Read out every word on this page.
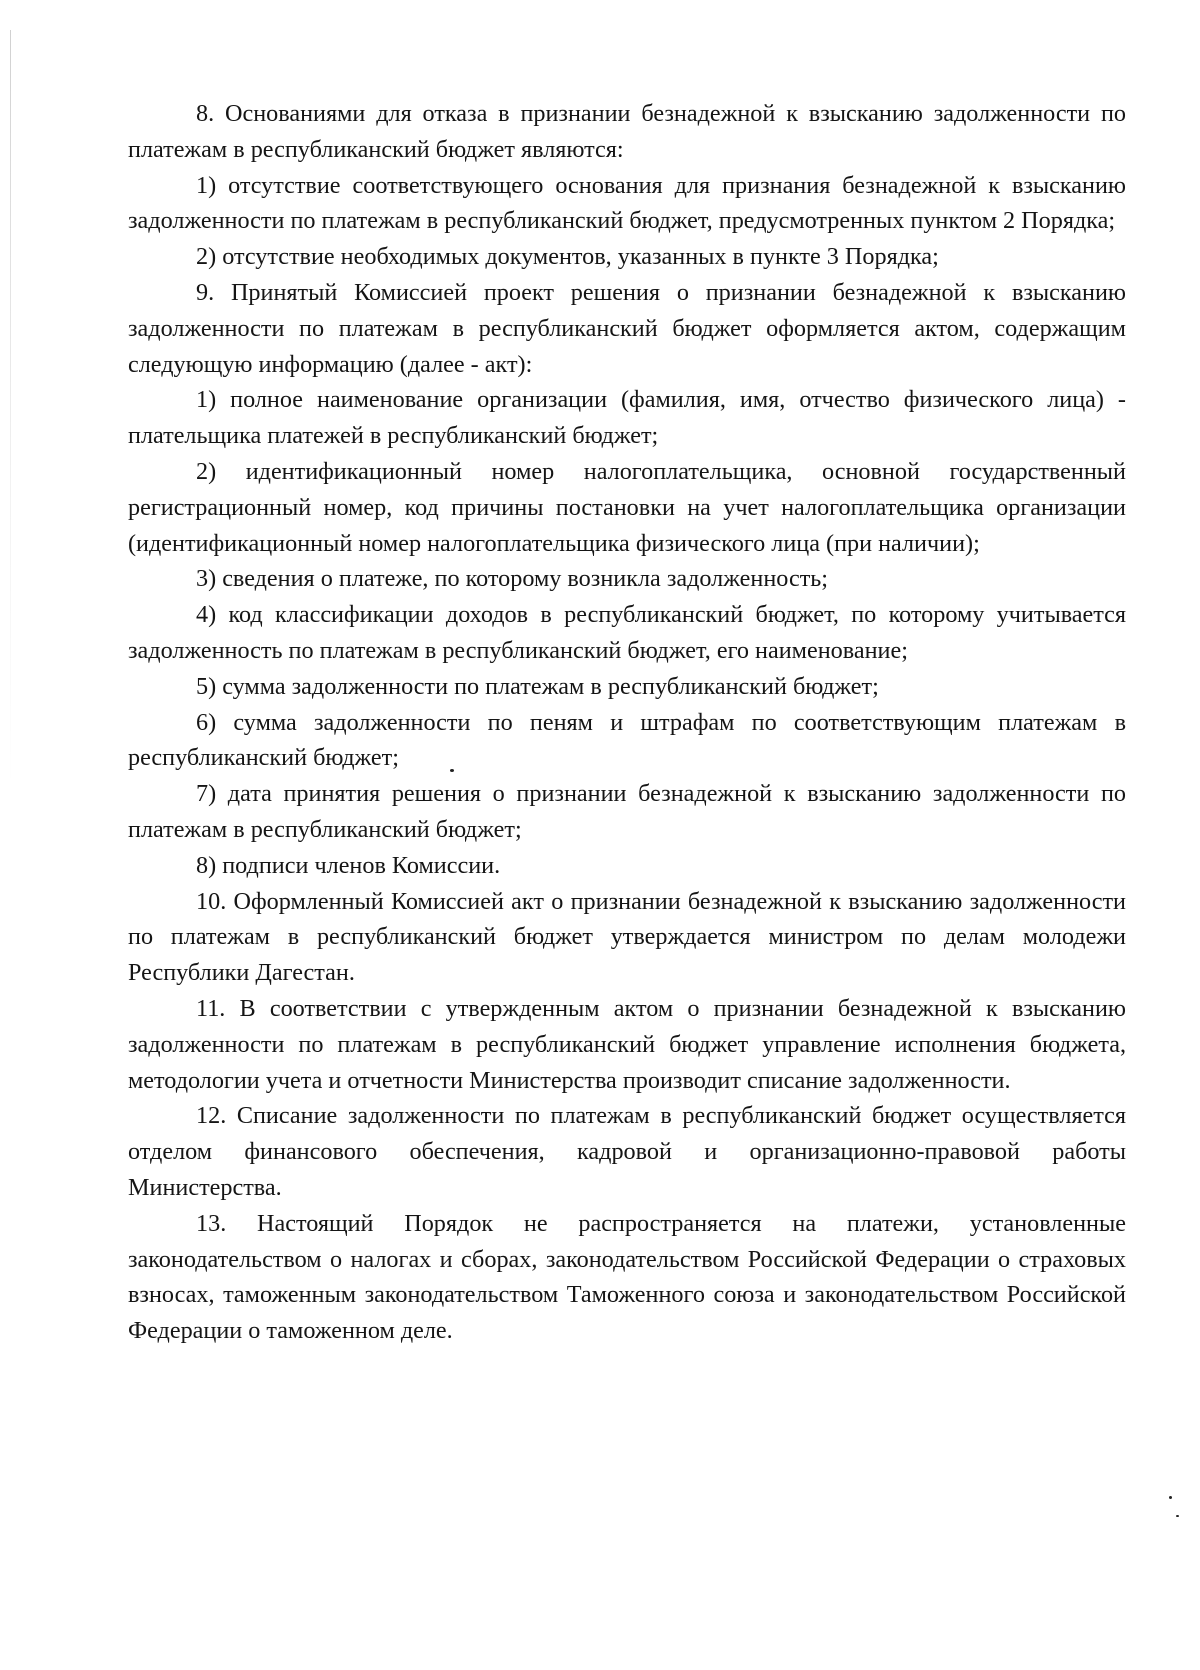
8. Основаниями для отказа в признании безнадежной к взысканию задолженности по платежам в республиканский бюджет являются:

1) отсутствие соответствующего основания для признания безнадежной к взысканию задолженности по платежам в республиканский бюджет, предусмотренных пунктом 2 Порядка;

2) отсутствие необходимых документов, указанных в пункте 3 Порядка;

9. Принятый Комиссией проект решения о признании безнадежной к взысканию задолженности по платежам в республиканский бюджет оформляется актом, содержащим следующую информацию (далее - акт):

1) полное наименование организации (фамилия, имя, отчество физического лица) - плательщика платежей в республиканский бюджет;

2) идентификационный номер налогоплательщика, основной государственный регистрационный номер, код причины постановки на учет налогоплательщика организации (идентификационный номер налогоплательщика физического лица (при наличии);

3) сведения о платеже, по которому возникла задолженность;

4) код классификации доходов в республиканский бюджет, по которому учитывается задолженность по платежам в республиканский бюджет, его наименование;

5) сумма задолженности по платежам в республиканский бюджет;

6) сумма задолженности по пеням и штрафам по соответствующим платежам в республиканский бюджет;

7) дата принятия решения о признании безнадежной к взысканию задолженности по платежам в республиканский бюджет;

8) подписи членов Комиссии.

10. Оформленный Комиссией акт о признании безнадежной к взысканию задолженности по платежам в республиканский бюджет утверждается министром по делам молодежи Республики Дагестан.

11. В соответствии с утвержденным актом о признании безнадежной к взысканию задолженности по платежам в республиканский бюджет управление исполнения бюджета, методологии учета и отчетности Министерства производит списание задолженности.

12. Списание задолженности по платежам в республиканский бюджет осуществляется отделом финансового обеспечения, кадровой и организационно-правовой работы Министерства.

13. Настоящий Порядок не распространяется на платежи, установленные законодательством о налогах и сборах, законодательством Российской Федерации о страховых взносах, таможенным законодательством Таможенного союза и законодательством Российской Федерации о таможенном деле.
